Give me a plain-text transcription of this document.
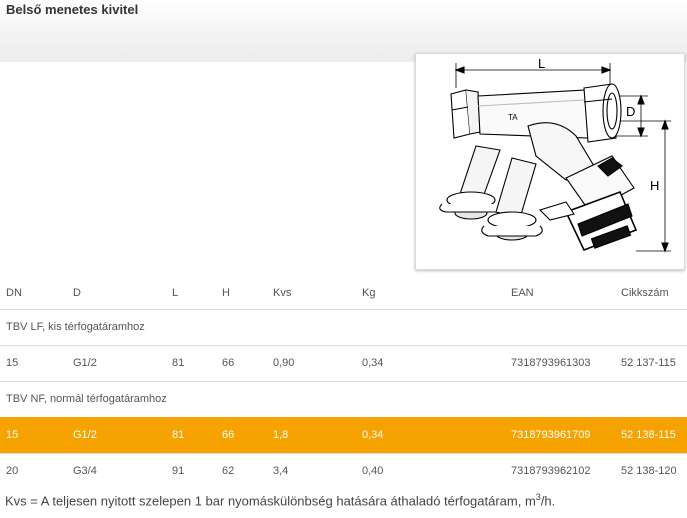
Belső menetes kivitel
L
D
H
TA
DN	D	L	H	Kvs	Kg	EAN	Cikkszám
TBV LF, kis térfogatáramhoz							
15	G1/2	81	66	0,90	0,34	7318793961303	52 137-115
TBV NF, normál térfogatáramhoz							
15	G1/2	81	66	1,8	0,34	7318793961709	52 138-115
20	G3/4	91	62	3,4	0,40	7318793962102	52 138-120
Kvs = A teljesen nyitott szelepen 1 bar nyomáskülönbség hatására áthaladó térfogatáram, $m^3/h$.
